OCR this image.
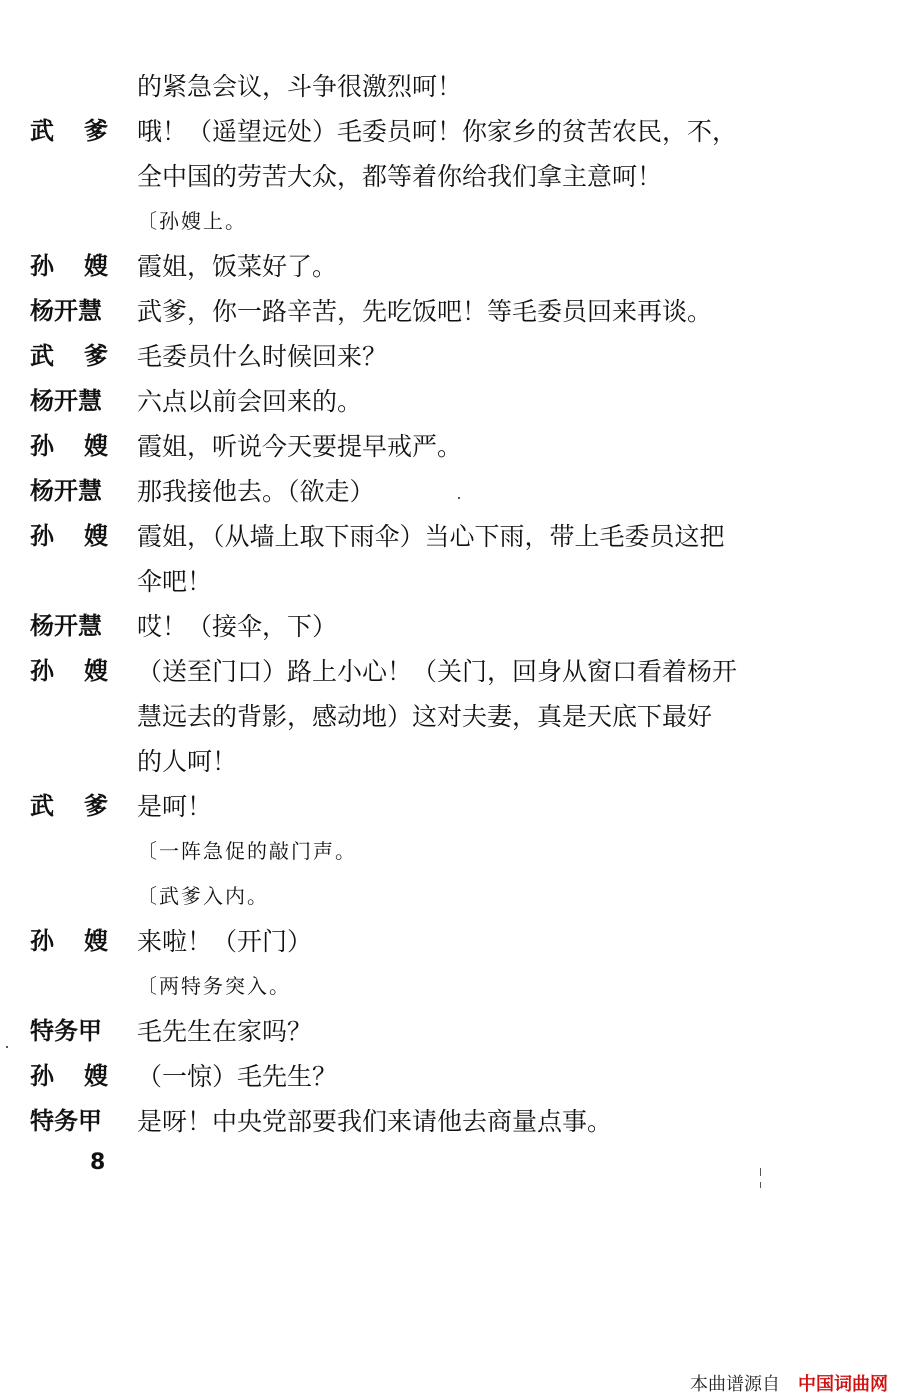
的紧急会议，斗争很激烈呵！
武 爹 哦！（遥望远处）毛委员呵！你家乡的贫苦农民，不，
全中国的劳苦大众，都等着你给我们拿主意呵！
〔孙嫂上。
孙 嫂 霞姐，饭菜好了。
杨开慧	武爹，你一路辛苦，先吃饭吧！等毛委员回来再谈。
武 爹 毛委员什么时候回来？
杨开慧	六点以前会回来的。
孙 嫂 霞姐，听说今天要提早戒严。
杨开慧	那我接他去。（欲走）
孙 嫂 霞姐，（从墙上取下雨伞）当心下雨，带上毛委员这把
伞吧！
杨开慧	哎！（接伞，下）
孙 嫂 （送至门口）路上小心！（关门，回身从窗口看着杨开
慧远去的背影，感动地）这对夫妻，真是天底下最好
的人呵！
武 爹 是呵！
〔一阵急促的敲门声。
〔武爹入内。
孙 嫂 来啦！（开门）
〔两特务突入。
特务甲	毛先生在家吗？
孙 嫂 （一惊）毛先生？
特务甲	是呀！中央党部要我们来请他去商量点事。
8
本曲谱源自 中国词曲网
